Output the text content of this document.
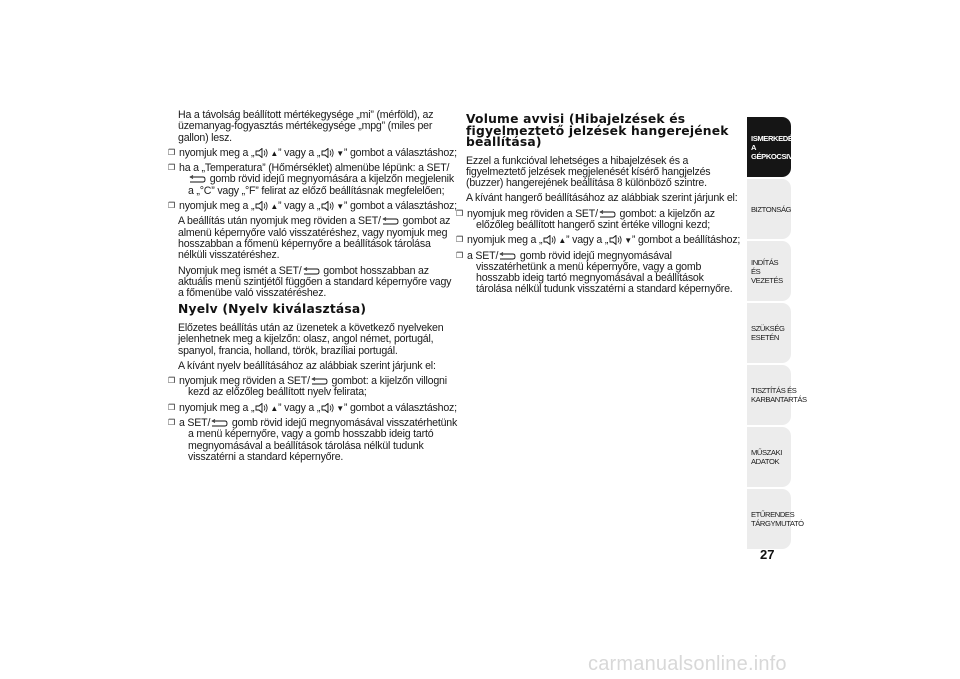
Ha a távolság beállított mértékegysége „mi” (mérföld), az üzemanyag-fogyasztás mértékegysége „mpg” (miles per gallon) lesz.

❒ nyomjuk meg a „ ▲” vagy a „ ▼” gombot a választáshoz;

❒ ha a „Temperatura” (Hőmérséklet) almenübe lépünk: a SET/
gomb rövid idejű megnyomására a kijelzőn megjelenik a „°C” vagy „°F” felirat az előző beállításnak megfelelően;

❒ nyomjuk meg a „ ▲” vagy a „ ▼” gombot a választáshoz;

A beállítás után nyomjuk meg röviden a SET/
gombot az almenü képernyőre való visszatéréshez, vagy nyomjuk meg hosszabban a főmenü képernyőre a beállítások tárolása nélküli visszatéréshez.

Nyomjuk meg ismét a SET/
gombot hosszabban az aktuális menü szintjétől függően a standard képernyőre vagy a főmenübe való visszatéréshez.

Nyelv (Nyelv kiválasztása)

Előzetes beállítás után az üzenetek a következő nyelveken jelenhetnek meg a kijelzőn: olasz, angol német, portugál, spanyol, francia, holland, török, brazíliai portugál.

A kívánt nyelv beállításához az alábbiak szerint járjunk el:

❒ nyomjuk meg röviden a SET/
gombot: a kijelzőn villogni kezd az előzőleg beállított nyelv felirata;

❒ nyomjuk meg a „ ▲” vagy a „ ▼” gombot a választáshoz;

❒ a SET/
gomb rövid idejű megnyomásával visszatérhetünk a menü képernyőre, vagy a gomb hosszabb ideig tartó megnyomásával a beállítások tárolása nélkül tudunk visszatérni a standard képernyőre.

Volume avvisi (Hibajelzések és figyelmeztető jelzések hangerejének beállítása)

Ezzel a funkcióval lehetséges a hibajelzések és a figyelmeztető jelzések megjelenését kísérő hangjelzés (buzzer) hangerejének beállítása 8 különböző szintre.

A kívánt hangerő beállításához az alábbiak szerint járjunk el:

❒ nyomjuk meg röviden a SET/
gombot: a kijelzőn az előzőleg beállított hangerő szint értéke villogni kezd;

❒ nyomjuk meg a „ ▲” vagy a „ ▼” gombot a beállításhoz;

❒ a SET/
gomb rövid idejű megnyomásával visszatérhetünk a menü képernyőre, vagy a gomb hosszabb ideig tartó megnyomásával a beállítások tárolása nélkül tudunk visszatérni a standard képernyőre.

ISMERKEDÉS A GÉPKOCSIVAL
BIZTONSÁG
INDÍTÁS ÉS VEZETÉS
SZÜKSÉG ESETÉN
TISZTÍTÁS ÉS KARBANTARTÁS
MŰSZAKI ADATOK
ETŰRENDES TÁRGYMUTATÓ
27
carmanualsonline.info
